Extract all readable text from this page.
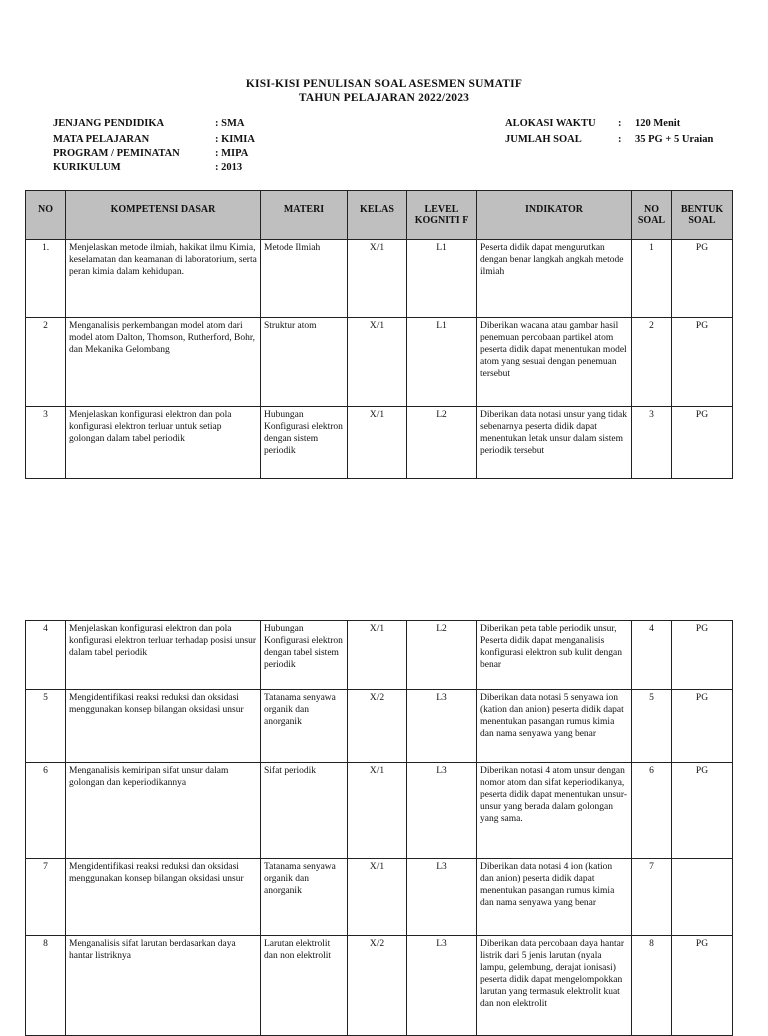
KISI-KISI PENULISAN SOAL ASESMEN SUMATIF
TAHUN PELAJARAN 2022/2023
JENJANG PENDIDIKA	: SMA
MATA PELAJARAN	: KIMIA
PROGRAM / PEMINATAN	: MIPA
KURIKULUM	: 2013
ALOKASI WAKTU : 120 Menit
JUMLAH SOAL	: 35 PG + 5 Uraian
NO	KOMPETENSI DASAR	MATERI	KELAS	LEVEL KOGNITI F	INDIKATOR	NO SOAL	BENTUK SOAL
1.	Menjelaskan metode ilmiah, hakikat ilmu Kimia, keselamatan dan keamanan di laboratorium, serta peran kimia dalam kehidupan.	Metode Ilmiah	X/1	L1	Peserta didik dapat mengurutkan dengan benar langkah angkah metode ilmiah	1	PG
2	Menganalisis perkembangan model atom dari model atom Dalton, Thomson, Rutherford, Bohr, dan Mekanika Gelombang	Struktur atom	X/1	L1	Diberikan wacana atau gambar hasil penemuan percobaan partikel atom peserta didik dapat menentukan model atom yang sesuai dengan penemuan tersebut	2	PG
3	Menjelaskan konfigurasi elektron dan pola konfigurasi elektron terluar untuk setiap golongan dalam tabel periodik	Hubungan Konfigurasi elektron dengan sistem periodik	X/1	L2	Diberikan data notasi unsur yang tidak sebenarnya peserta didik dapat menentukan letak unsur dalam sistem periodik tersebut	3	PG
4	Menjelaskan konfigurasi elektron dan pola konfigurasi elektron terluar terhadap posisi unsur dalam tabel periodik	Hubungan Konfigurasi elektron dengan tabel sistem periodik	X/1	L2	Diberikan peta table periodik unsur, Peserta didik dapat menganalisis konfigurasi elektron sub kulit dengan benar	4	PG
5	Mengidentifikasi reaksi reduksi dan oksidasi menggunakan konsep bilangan oksidasi unsur	Tatanama senyawa organik dan anorganik	X/2	L3	Diberikan data notasi 5 senyawa ion (kation dan anion) peserta didik dapat menentukan pasangan rumus kimia dan nama senyawa yang benar	5	PG
6	Menganalisis kemiripan sifat unsur dalam golongan dan keperiodikannya	Sifat periodik	X/1	L3	Diberikan notasi 4 atom unsur dengan nomor atom dan sifat keperiodikanya, peserta didik dapat menentukan unsur-unsur yang berada dalam golongan yang sama.	6	PG
7	Mengidentifikasi reaksi reduksi dan oksidasi menggunakan konsep bilangan oksidasi unsur	Tatanama senyawa organik dan anorganik	X/1	L3	Diberikan data notasi 4 ion (kation dan anion) peserta didik dapat menentukan pasangan rumus kimia dan nama senyawa yang benar	7	
8	Menganalisis sifat larutan berdasarkan daya hantar listriknya	Larutan elektrolit dan non elektrolit	X/2	L3	Diberikan data percobaan daya hantar listrik dari 5 jenis larutan (nyala lampu, gelembung, derajat ionisasi) peserta didik dapat mengelompokkan larutan yang termasuk elektrolit kuat dan non elektrolit	8	PG
